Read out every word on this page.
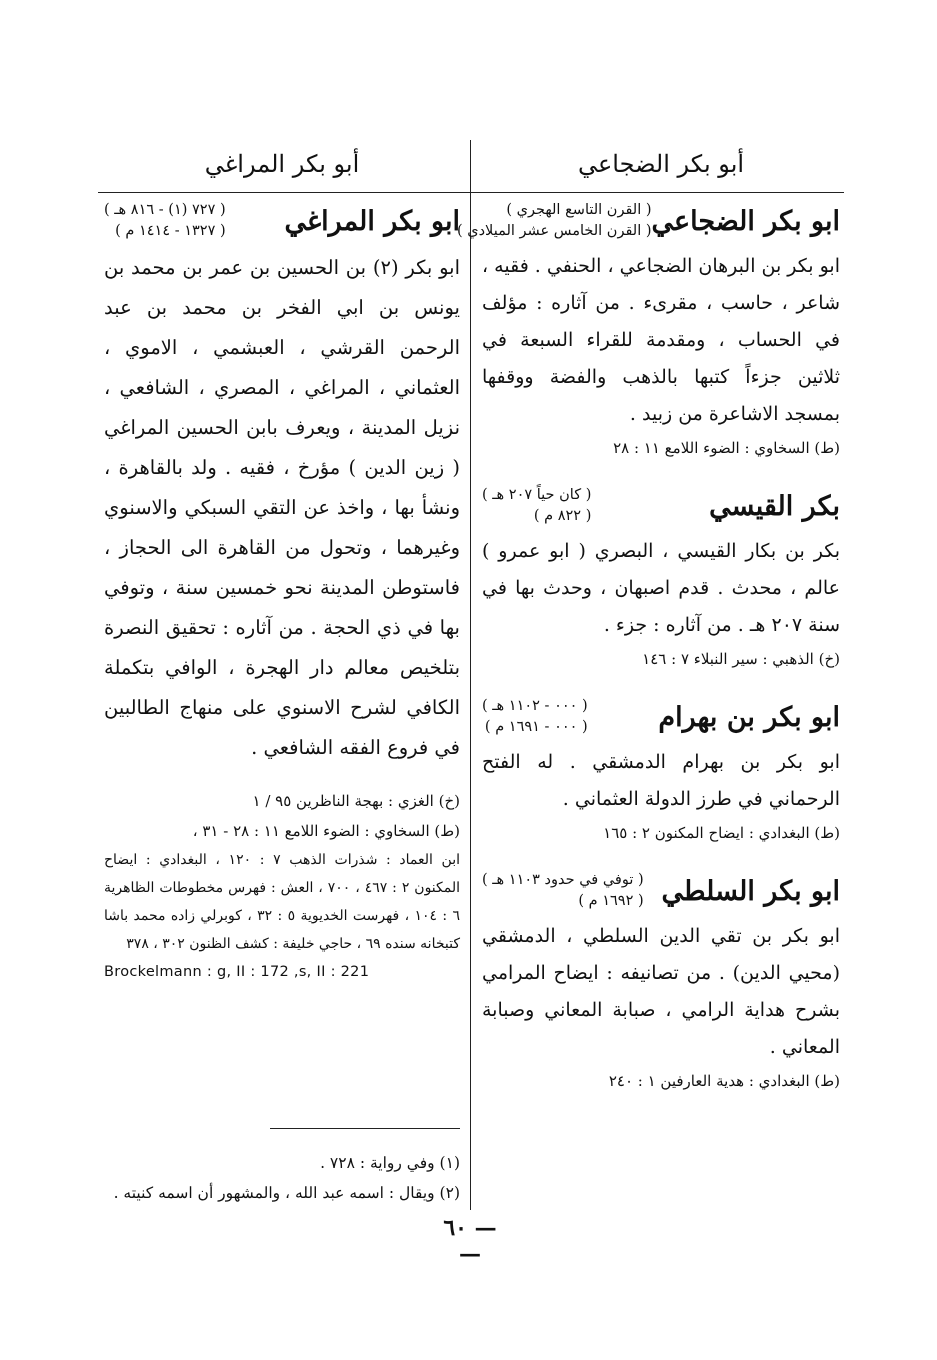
أبو بكر الضجاعي
أبو بكر المراغي
ابو بكر الضجاعي
( القرن التاسع الهجري )
( القرن الخامس عشر الميلادي )

ابو بكر بن البرهان الضجاعي ، الحنفي . فقيه ، شاعر ، حاسب ، مقرىء . من آثاره : مؤلف في الحساب ، ومقدمة للقراء السبعة في ثلاثين جزءاً كتبها بالذهب والفضة ووقفها بمسجد الاشاعرة من زبيد .

(ط) السخاوي : الضوء اللامع ١١ : ٢٨

بكر القيسي
( كان حياً ٢٠٧ هـ )
( ٨٢٢ م )

بكر بن بكار القيسي ، البصري ( ابو عمرو ) عالم ، محدث . قدم اصبهان ، وحدث بها في سنة ٢٠٧ هـ . من آثاره : جزء .

(خ) الذهبي : سير النبلاء ٧ : ١٤٦

ابو بكر بن بهرام
( ٠٠٠ - ١١٠٢ هـ )
( ٠٠٠ - ١٦٩١ م )

ابو بكر بن بهرام الدمشقي . له الفتح الرحماني في طرز الدولة العثماني .

(ط) البغدادي : ايضاح المكنون ٢ : ١٦٥

ابو بكر السلطي
( توفي في حدود ١١٠٣ هـ )
( ١٦٩٢ م )

ابو بكر بن تقي الدين السلطي ، الدمشقي (محيي الدين) . من تصانيفه : ايضاح المرامي بشرح هداية الرامي ، صبابة المعاني وصبابة المعاني .

(ط) البغدادي : هدية العارفين ١ : ٢٤٠

ابو بكر المراغي
( ٧٢٧ (١) - ٨١٦ هـ )
( ١٣٢٧ - ١٤١٤ م )

ابو بكر (٢) بن الحسين بن عمر بن محمد بن يونس بن ابي الفخر بن محمد بن عبد الرحمن القرشي ، العبشمي ، الاموي ، العثماني ، المراغي ، المصري ، الشافعي ، نزيل المدينة ، ويعرف بابن الحسين المراغي ( زين الدين ) مؤرخ ، فقيه . ولد بالقاهرة ، ونشأ بها ، واخذ عن التقي السبكي والاسنوي وغيرهما ، وتحول من القاهرة الى الحجاز ، فاستوطن المدينة نحو خمسين سنة ، وتوفي بها في ذي الحجة . من آثاره : تحقيق النصرة بتلخيص معالم دار الهجرة ، الوافي بتكملة الكافي لشرح الاسنوي على منهاج الطالبين في فروع الفقه الشافعي .

(خ) الغزي : بهجة الناظرين ٩٥ / ١

(ط) السخاوي : الضوء اللامع ١١ : ٢٨ - ٣١ ،

ابن العماد : شذرات الذهب ٧ : ١٢٠ ، البغدادي : ايضاح المكنون ٢ : ٤٦٧ ، ٧٠٠ ، العش : فهرس مخطوطات الظاهرية ٦ : ١٠٤ ، فهرست الخديوية ٥ : ٣٢ ، كوبرلي زاده محمد باشا كتبخانه سنده ٦٩ ، حاجي خليفة : كشف الظنون ٣٠٢ ، ٣٧٨

Brockelmann : g, II : 172 ,s, II : 221

(١) وفي رواية : ٧٢٨ .

(٢) ويقال : اسمه عبد الله ، والمشهور أن اسمه كنيته .

— ٦٠ —
